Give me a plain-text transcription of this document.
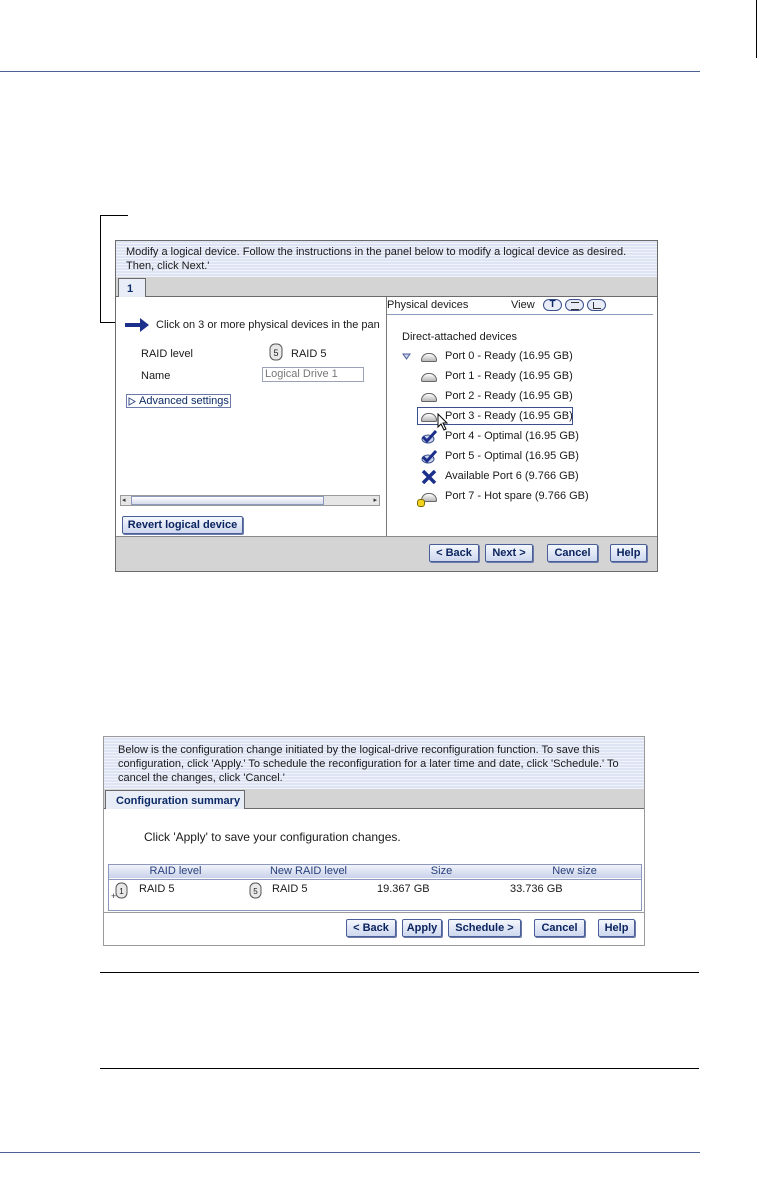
Modify a logical device. Follow the instructions in the panel below to modify a logical device as desired. Then, click Next.'
1
Click on 3 or more physical devices in the pan
RAID level	5 RAID 5
Name	Logical Drive 1
Advanced settings
◂	▸
Revert logical device
Physical devices	View	T
Direct-attached devices
Port 0 - Ready (16.95 GB)
Port 1 - Ready (16.95 GB)
Port 2 - Ready (16.95 GB)
Port 3 - Ready (16.95 GB)
Port 4 - Optimal (16.95 GB)
Port 5 - Optimal (16.95 GB)
Available Port 6 (9.766 GB)
Port 7 - Hot spare (9.766 GB)
< Back	Next >	Cancel	Help
Below is the configuration change initiated by the logical-drive reconfiguration function. To save this configuration, click 'Apply.' To schedule the reconfiguration for a later time and date, click 'Schedule.' To cancel the changes, click 'Cancel.'
Configuration summary
Click 'Apply' to save your configuration changes.
RAID level	New RAID level	Size	New size
+ 1 RAID 5	5 RAID 5	19.367 GB	33.736 GB
< Back	Apply	Schedule >	Cancel	Help
